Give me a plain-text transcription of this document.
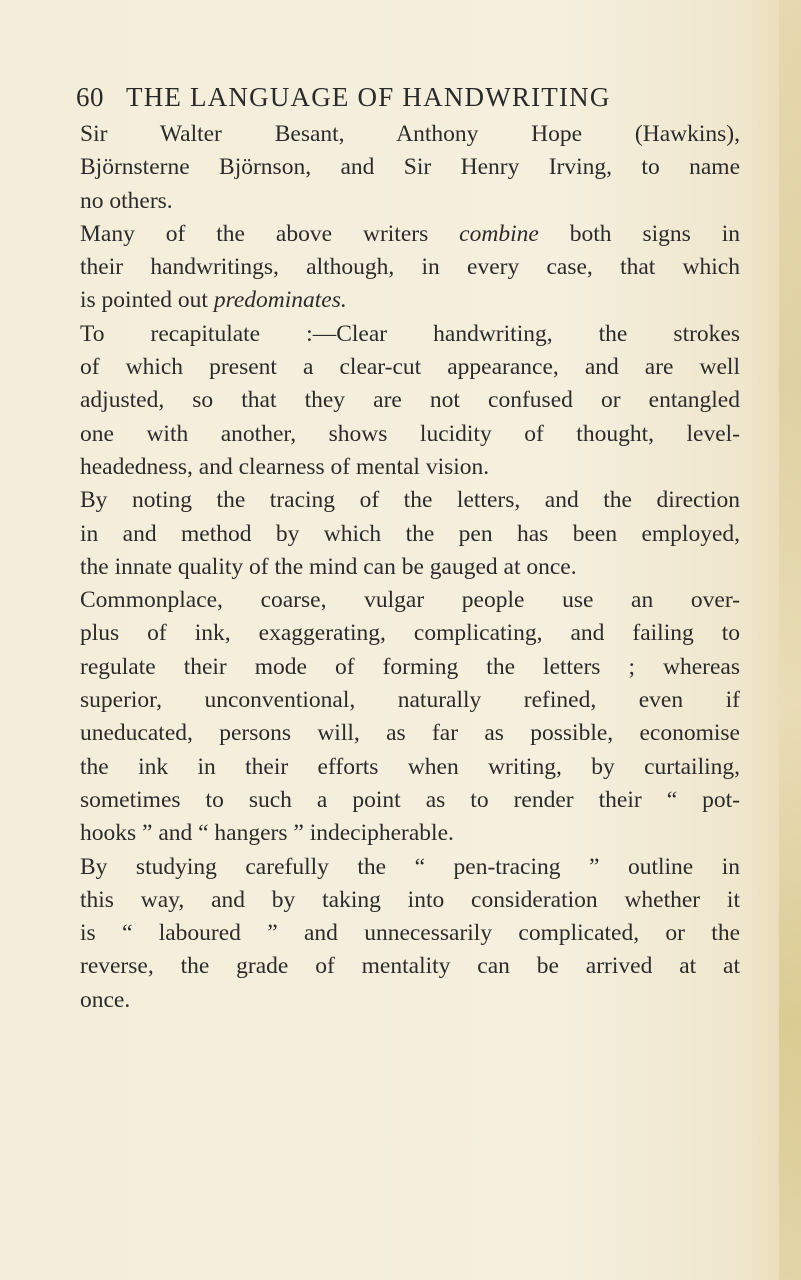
60 THE LANGUAGE OF HANDWRITING
Sir Walter Besant, Anthony Hope (Hawkins),
Björnsterne Björnson, and Sir Henry Irving, to name
no others.
Many of the above writers combine both signs in
their handwritings, although, in every case, that which
is pointed out predominates.
To recapitulate :—Clear handwriting, the strokes
of which present a clear-cut appearance, and are well
adjusted, so that they are not confused or entangled
one with another, shows lucidity of thought, level-
headedness, and clearness of mental vision.
By noting the tracing of the letters, and the direction
in and method by which the pen has been employed,
the innate quality of the mind can be gauged at once.
Commonplace, coarse, vulgar people use an over-
plus of ink, exaggerating, complicating, and failing to
regulate their mode of forming the letters ; whereas
superior, unconventional, naturally refined, even if
uneducated, persons will, as far as possible, economise
the ink in their efforts when writing, by curtailing,
sometimes to such a point as to render their “ pot-
hooks ” and “ hangers ” indecipherable.
By studying carefully the “ pen-tracing ” outline in
this way, and by taking into consideration whether it
is “ laboured ” and unnecessarily complicated, or the
reverse, the grade of mentality can be arrived at at
once.
